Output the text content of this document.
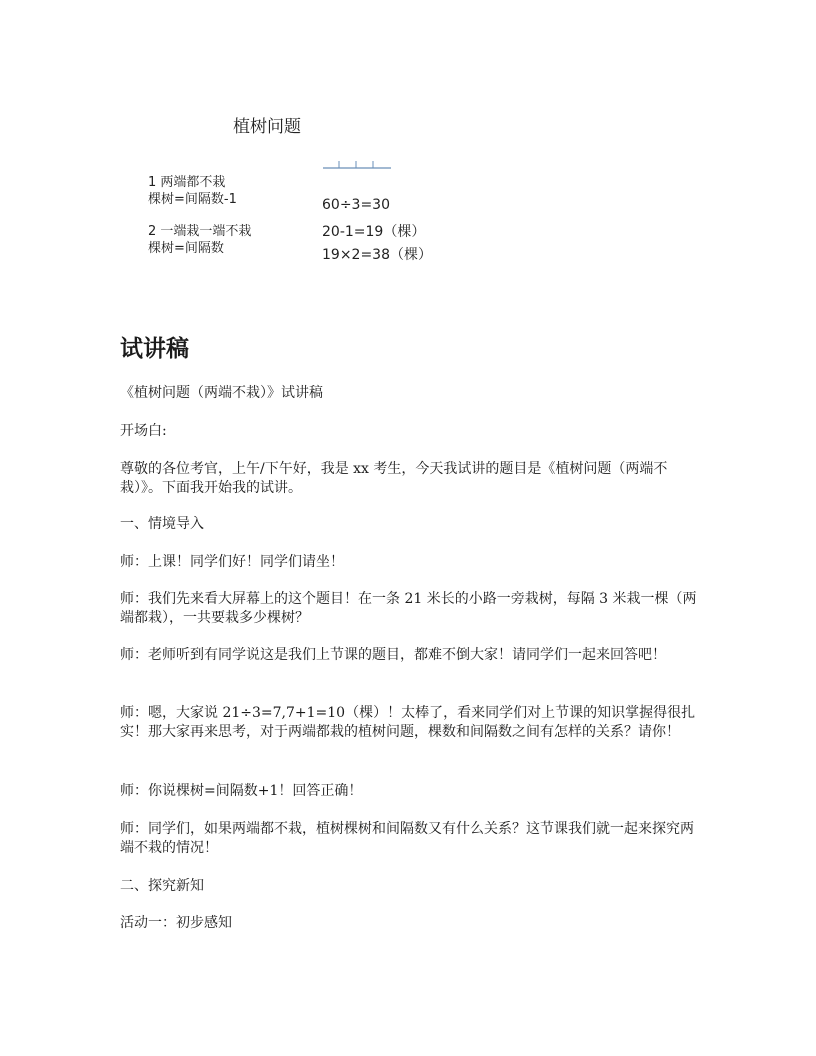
植树问题
1 两端都不栽
棵树=间隔数-1
2 一端栽一端不栽
棵树=间隔数
60÷3=30
20-1=19（棵）
19×2=38（棵）
试讲稿
《植树问题（两端不栽）》试讲稿
开场白:
尊敬的各位考官，上午/下午好，我是 xx 考生，今天我试讲的题目是《植树问题（两端不栽）》。下面我开始我的试讲。
一、情境导入
师：上课！同学们好！同学们请坐！
师：我们先来看大屏幕上的这个题目！在一条 21 米长的小路一旁栽树，每隔 3 米栽一棵（两端都栽），一共要栽多少棵树？
师：老师听到有同学说这是我们上节课的题目，都难不倒大家！请同学们一起来回答吧！
师：嗯，大家说 21÷3=7,7+1=10（棵）！太棒了，看来同学们对上节课的知识掌握得很扎实！那大家再来思考，对于两端都栽的植树问题，棵数和间隔数之间有怎样的关系？请你！
师：你说棵树=间隔数+1！回答正确！
师：同学们，如果两端都不栽，植树棵树和间隔数又有什么关系？这节课我们就一起来探究两端不栽的情况！
二、探究新知
活动一：初步感知
